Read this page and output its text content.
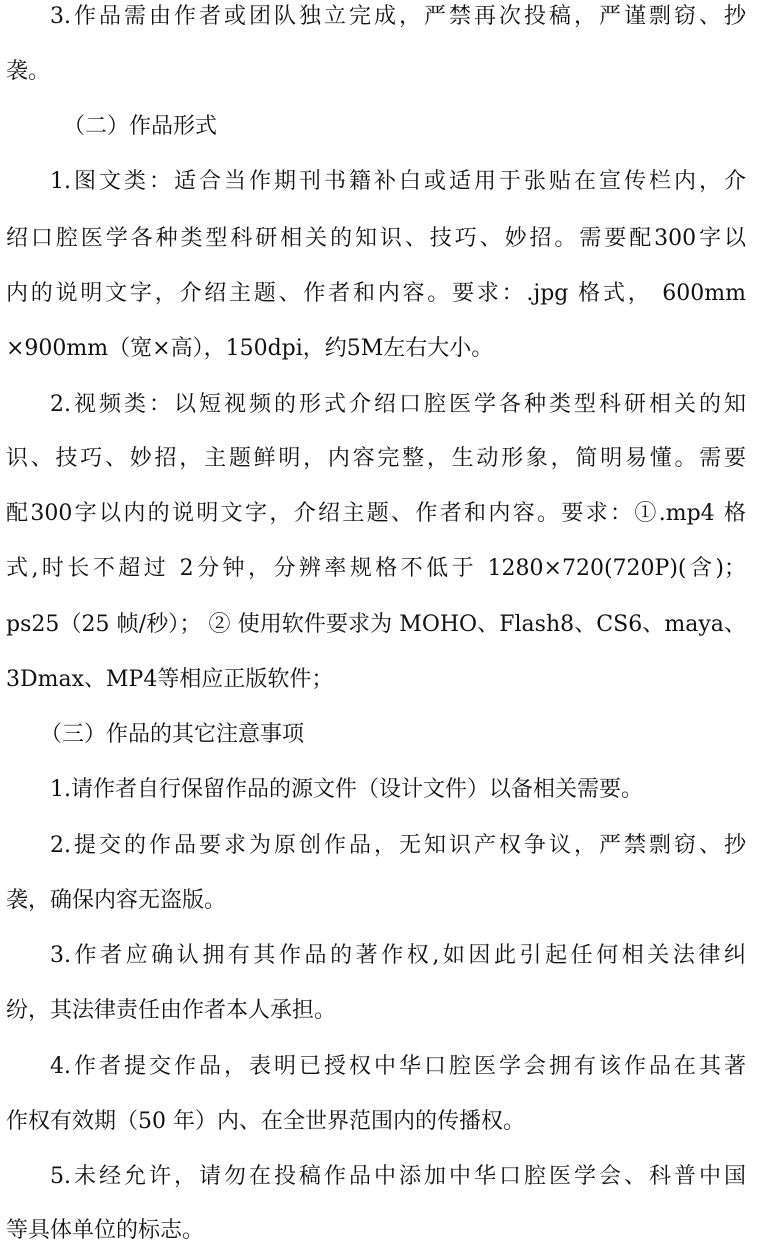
3.作品需由作者或团队独立完成，严禁再次投稿，严谨剽窃、抄
袭。
（二）作品形式
1.图文类：适合当作期刊书籍补白或适用于张贴在宣传栏内，介
绍口腔医学各种类型科研相关的知识、技巧、妙招。需要配300字以
内的说明文字，介绍主题、作者和内容。要求：.jpg 格式， 600mm
×900mm（宽×高），150dpi，约5M左右大小。
2.视频类：以短视频的形式介绍口腔医学各种类型科研相关的知
识、技巧、妙招，主题鲜明，内容完整，生动形象，简明易懂。需要
配300字以内的说明文字，介绍主题、作者和内容。要求：①.mp4 格
式,时长不超过 2分钟，分辨率规格不低于 1280×720(720P)(含)；
ps25（25 帧/秒）； ② 使用软件要求为 MOHO、Flash8、CS6、maya、
3Dmax、MP4等相应正版软件；
（三）作品的其它注意事项
1.请作者自行保留作品的源文件（设计文件）以备相关需要。
2.提交的作品要求为原创作品，无知识产权争议，严禁剽窃、抄
袭，确保内容无盗版。
3.作者应确认拥有其作品的著作权,如因此引起任何相关法律纠
纷，其法律责任由作者本人承担。
4.作者提交作品，表明已授权中华口腔医学会拥有该作品在其著
作权有效期（50 年）内、在全世界范围内的传播权。
5.未经允许，请勿在投稿作品中添加中华口腔医学会、科普中国
等具体单位的标志。
